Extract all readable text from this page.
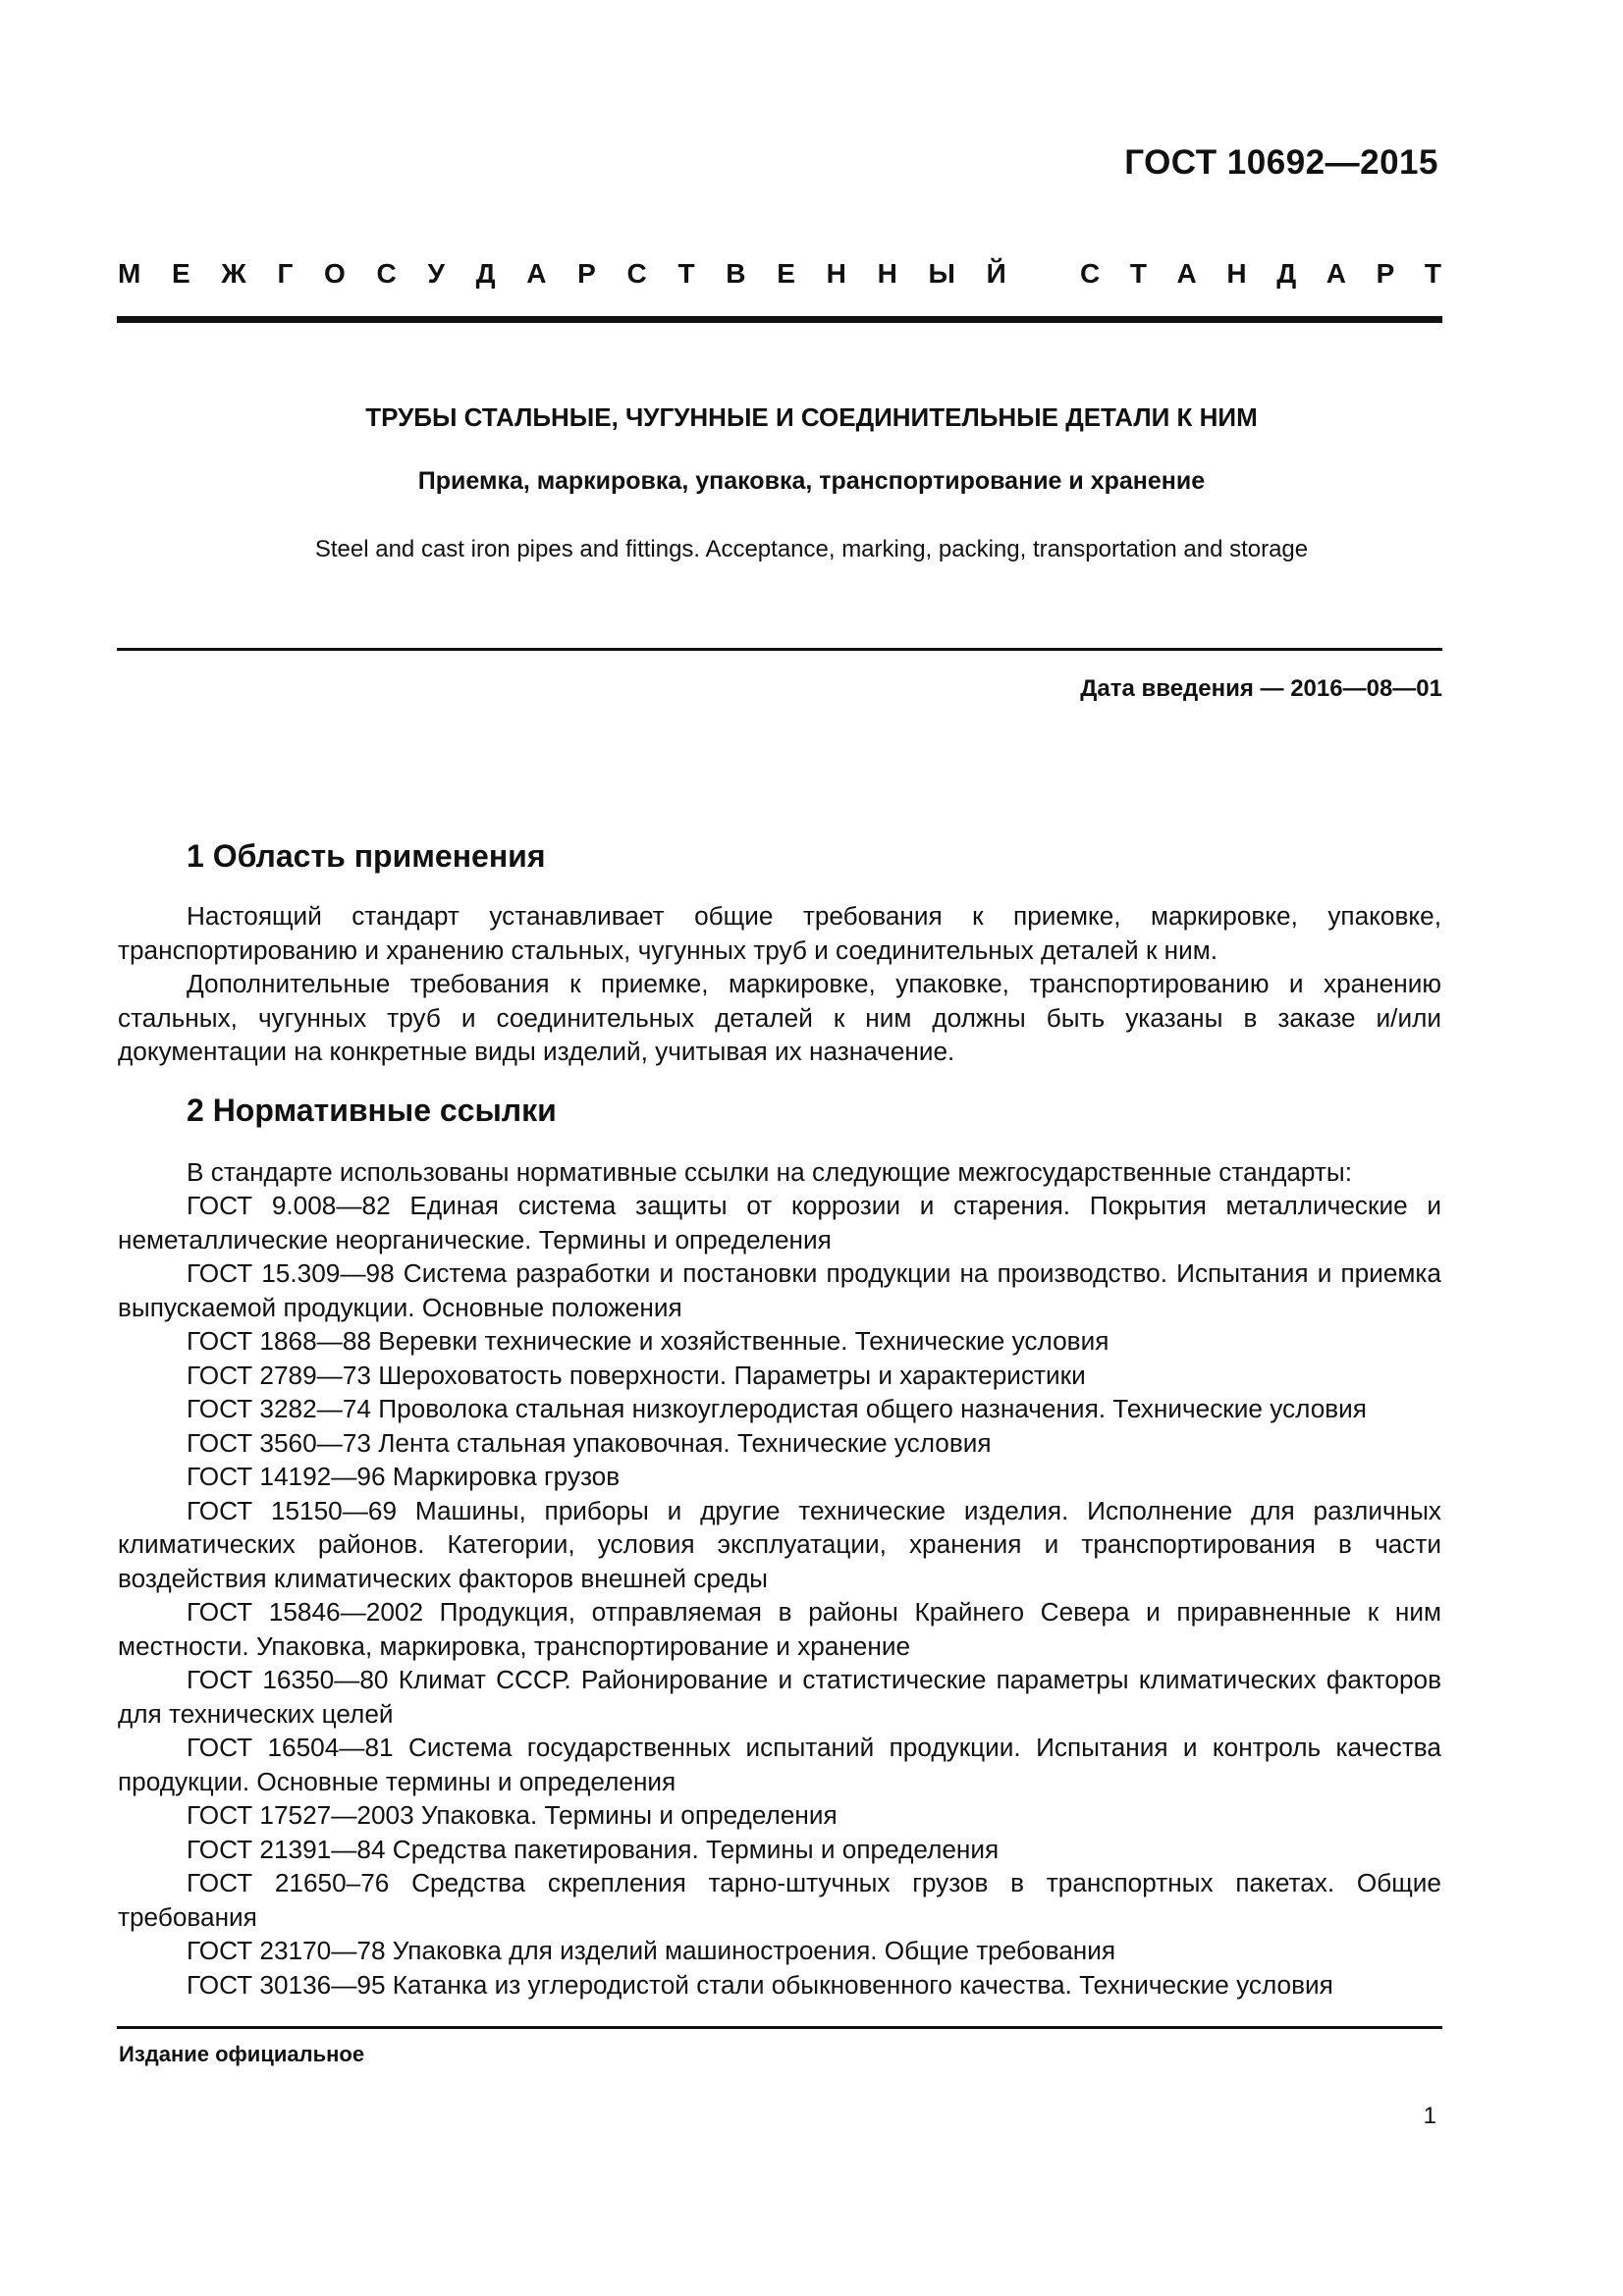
ГОСТ 10692—2015
М Е Ж Г О С У Д А Р С Т В Е Н Н Ы Й	С Т А Н Д А Р Т
ТРУБЫ СТАЛЬНЫЕ, ЧУГУННЫЕ И СОЕДИНИТЕЛЬНЫЕ ДЕТАЛИ К НИМ
Приемка, маркировка, упаковка, транспортирование и хранение
Steel and cast iron pipes and fittings. Acceptance, marking, packing, transportation and storage
Дата введения — 2016—08—01
1 Область применения

Настоящий стандарт устанавливает общие требования к приемке, маркировке, упаковке, транспортированию и хранению стальных, чугунных труб и соединительных деталей к ним.

Дополнительные требования к приемке, маркировке, упаковке, транспортированию и хранению стальных, чугунных труб и соединительных деталей к ним должны быть указаны в заказе и/или документации на конкретные виды изделий, учитывая их назначение.

2 Нормативные ссылки

В стандарте использованы нормативные ссылки на следующие межгосударственные стандарты:

ГОСТ 9.008—82 Единая система защиты от коррозии и старения. Покрытия металлические и неметаллические неорганические. Термины и определения

ГОСТ 15.309—98 Система разработки и постановки продукции на производство. Испытания и приемка выпускаемой продукции. Основные положения

ГОСТ 1868—88 Веревки технические и хозяйственные. Технические условия

ГОСТ 2789—73 Шероховатость поверхности. Параметры и характеристики

ГОСТ 3282—74 Проволока стальная низкоуглеродистая общего назначения. Технические условия

ГОСТ 3560—73 Лента стальная упаковочная. Технические условия

ГОСТ 14192—96 Маркировка грузов

ГОСТ 15150—69 Машины, приборы и другие технические изделия. Исполнение для различных климатических районов. Категории, условия эксплуатации, хранения и транспортирования в части воздействия климатических факторов внешней среды

ГОСТ 15846—2002 Продукция, отправляемая в районы Крайнего Севера и приравненные к ним местности. Упаковка, маркировка, транспортирование и хранение

ГОСТ 16350—80 Климат СССР. Районирование и статистические параметры климатических факторов для технических целей

ГОСТ 16504—81 Система государственных испытаний продукции. Испытания и контроль качества продукции. Основные термины и определения

ГОСТ 17527—2003 Упаковка. Термины и определения

ГОСТ 21391—84 Средства пакетирования. Термины и определения

ГОСТ 21650–76 Средства скрепления тарно-штучных грузов в транспортных пакетах. Общие требования

ГОСТ 23170—78 Упаковка для изделий машиностроения. Общие требования

ГОСТ 30136—95 Катанка из углеродистой стали обыкновенного качества. Технические условия

Издание официальное
1
